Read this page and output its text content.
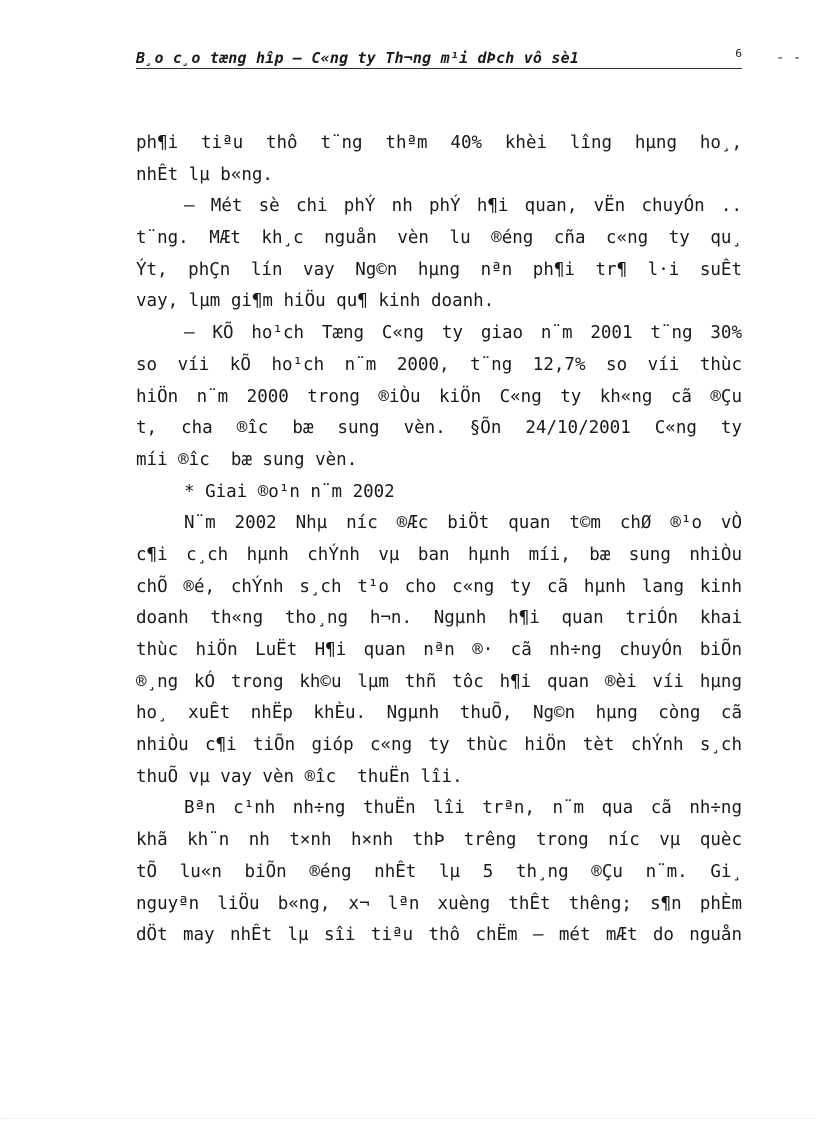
B¸o c¸o tæng hîp – C«ng ty Th¬ng m¹i dÞch vô sè1	6 - -
ph¶i tiªu thô t¨ng thªm 40% khèi lîng hµng ho¸,
nhÊt lµ b«ng.
– Mét sè chi phÝ nh phÝ h¶i quan, vËn chuyÓn ..
t¨ng. MÆt kh¸c nguån vèn lu ®éng cña c«ng ty qu¸
Ýt, phÇn lín vay Ng©n hµng nªn ph¶i tr¶ l·i suÊt
vay, lµm gi¶m hiÖu qu¶ kinh doanh.
– KÕ ho¹ch Tæng C«ng ty giao n¨m 2001 t¨ng 30%
so víi kÕ ho¹ch n¨m 2000, t¨ng 12,7% so víi thùc
hiÖn n¨m 2000 trong ®iÒu kiÖn C«ng ty kh«ng cã ®Çu
t, cha ®îc bæ sung vèn. §Õn 24/10/2001 C«ng ty
míi ®îc  bæ sung vèn.
* Giai ®o¹n n¨m 2002
N¨m 2002 Nhµ níc ®Æc biÖt quan t©m chØ ®¹o vÒ
c¶i c¸ch hµnh chÝnh vµ ban hµnh míi, bæ sung nhiÒu
chÕ ®é, chÝnh s¸ch t¹o cho c«ng ty cã hµnh lang kinh
doanh th«ng tho¸ng h¬n. Ngµnh h¶i quan triÓn khai
thùc hiÖn LuËt H¶i quan nªn ®· cã nh÷ng chuyÓn biÕn
®¸ng kÓ trong kh©u lµm thñ tôc h¶i quan ®èi víi hµng
ho¸ xuÊt nhËp khÈu. Ngµnh thuÕ, Ng©n hµng còng cã
nhiÒu c¶i tiÕn gióp c«ng ty thùc hiÖn tèt chÝnh s¸ch
thuÕ vµ vay vèn ®îc  thuËn lîi.
Bªn c¹nh nh÷ng thuËn lîi trªn, n¨m qua cã nh÷ng
khã kh¨n nh t×nh h×nh thÞ trêng trong níc vµ quèc
tÕ lu«n biÕn ®éng nhÊt lµ 5 th¸ng ®Çu n¨m. Gi¸
nguyªn liÖu b«ng, x¬ lªn xuèng thÊt thêng; s¶n phÈm
dÖt may nhÊt lµ sîi tiªu thô chËm – mét mÆt do nguån
